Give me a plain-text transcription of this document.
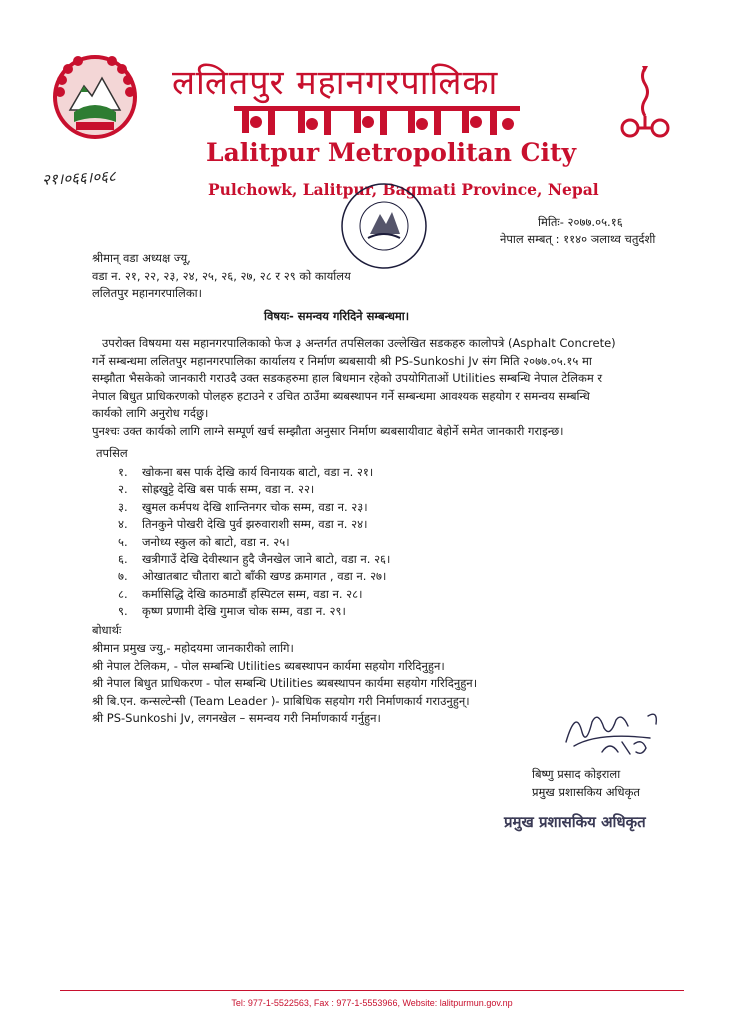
ललितपुर महानगरपालिका
Lalitpur Metropolitan City
Pulchowk, Lalitpur, Bagmati Province, Nepal
२१।०६६।०६८
मितिः- २०७७.०५.१६
नेपाल सम्बत् : ११४० ञलाथ्व चतुर्दशी
श्रीमान् वडा अध्यक्ष ज्यू,
वडा न. २१, २२, २३, २४, २५, २६, २७, २८ र २९ को कार्यालय
ललितपुर महानगरपालिका।
विषयः- समन्वय गरिदिने सम्बन्धमा।
उपरोक्त विषयमा यस महानगरपालिकाको फेज ३ अन्तर्गत तपसिलका उल्लेखित सडकहरु कालोपत्रे (Asphalt Concrete)
गर्ने सम्बन्धमा ललितपुर महानगरपालिका कार्यालय र निर्माण ब्यबसायी श्री PS-Sunkoshi Jv संग मिति २०७७.०५.१५ मा
सम्झौता भैसकेको जानकारी गराउदै उक्त सडकहरुमा हाल बिधमान रहेको उपयोगिताओं Utilities सम्बन्धि नेपाल टेलिकम र
नेपाल बिधुत प्राधिकरणको पोलहरु हटाउने र उचित ठाउँमा ब्यबस्थापन गर्ने सम्बन्धमा आवश्यक सहयोग र समन्वय सम्बन्धि
कार्यको लागि अनुरोध गर्दछु।
पुनश्चः उक्त कार्यको लागि लाग्ने सम्पूर्ण खर्च सम्झौता अनुसार निर्माण ब्यबसायीवाट बेहोर्ने समेत जानकारी गराइन्छ।
तपसिल
१.	खोकना बस पार्क देखि कार्य विनायक बाटो, वडा न. २१।
२.	सोह्रखुट्टे देखि बस पार्क सम्म, वडा न. २२।
३.	खुमल कर्मपथ देखि शान्तिनगर चोक सम्म, वडा न. २३।
४.	तिनकुने पोखरी देखि पुर्व झरुवाराशी सम्म, वडा न. २४।
५.	जनोध्य स्कुल को बाटो, वडा न. २५।
६.	खत्रीगाउँ देखि देवीस्थान हुदै जैनखेल जाने बाटो, वडा न. २६।
७.	ओखातबाट चौतारा बाटो बाँकी खण्ड क्रमागत , वडा न. २७।
८.	कर्मासिद्धि देखि काठमाडौं हस्पिटल सम्म, वडा न. २८।
९.	कृष्ण प्रणामी देखि गुमाज चोक सम्म, वडा न. २९।
बोधार्थः
श्रीमान प्रमुख ज्यु,- महोदयमा जानकारीको लागि।
श्री नेपाल टेलिकम, - पोल सम्बन्धि Utilities ब्यबस्थापन कार्यमा सहयोग गरिदिनुहुन।
श्री नेपाल बिधुत प्राधिकरण - पोल सम्बन्धि Utilities ब्यबस्थापन कार्यमा सहयोग गरिदिनुहुन।
श्री बि.एन. कन्सल्टेन्सी (Team Leader )- प्राबिधिक सहयोग गरी निर्माणकार्य गराउनुहुन्।
श्री PS-Sunkoshi Jv, लगनखेल – समन्वय गरी निर्माणकार्य गर्नुहुन।
बिष्णु प्रसाद कोइराला
प्रमुख प्रशासकिय अधिकृत
प्रमुख प्रशासकिय अधिकृत
Tel: 977-1-5522563, Fax : 977-1-5553966, Website: lalitpurmun.gov.np
